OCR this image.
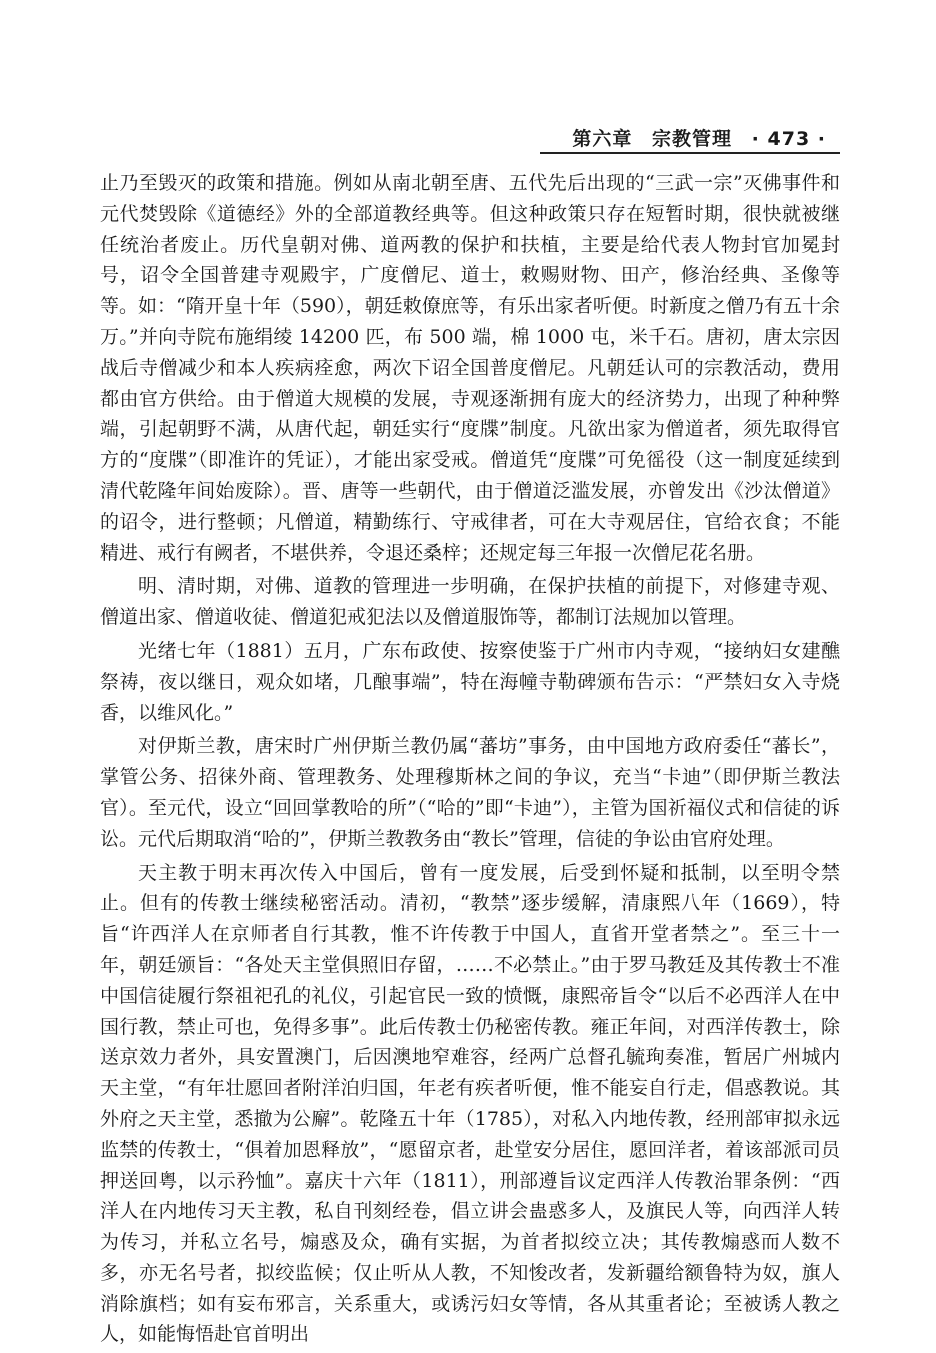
第六章 宗教管理 · 473 ·

止乃至毁灭的政策和措施。例如从南北朝至唐、五代先后出现的“三武一宗”灭佛事件和元代焚毁除《道德经》外的全部道教经典等。但这种政策只存在短暂时期，很快就被继任统治者废止。历代皇朝对佛、道两教的保护和扶植，主要是给代表人物封官加冕封号，诏令全国普建寺观殿宇，广度僧尼、道士，敕赐财物、田产，修治经典、圣像等等。如：“隋开皇十年（590），朝廷敕僚庶等，有乐出家者听便。时新度之僧乃有五十余万。”并向寺院布施绢绫 14200 匹，布 500 端，棉 1000 屯，米千石。唐初，唐太宗因战后寺僧减少和本人疾病痊愈，两次下诏全国普度僧尼。凡朝廷认可的宗教活动，费用都由官方供给。由于僧道大规模的发展，寺观逐渐拥有庞大的经济势力，出现了种种弊端，引起朝野不满，从唐代起，朝廷实行“度牒”制度。凡欲出家为僧道者，须先取得官方的“度牒”（即准许的凭证），才能出家受戒。僧道凭“度牒”可免徭役（这一制度延续到清代乾隆年间始废除）。晋、唐等一些朝代，由于僧道泛滥发展，亦曾发出《沙汰僧道》的诏令，进行整顿；凡僧道，精勤练行、守戒律者，可在大寺观居住，官给衣食；不能精进、戒行有阙者，不堪供养，令退还桑梓；还规定每三年报一次僧尼花名册。

明、清时期，对佛、道教的管理进一步明确，在保护扶植的前提下，对修建寺观、僧道出家、僧道收徒、僧道犯戒犯法以及僧道服饰等，都制订法规加以管理。

光绪七年（1881）五月，广东布政使、按察使鉴于广州市内寺观，“接纳妇女建醮祭祷，夜以继日，观众如堵，几酿事端”，特在海幢寺勒碑颁布告示：“严禁妇女入寺烧香，以维风化。”

对伊斯兰教，唐宋时广州伊斯兰教仍属“蕃坊”事务，由中国地方政府委任“蕃长”，掌管公务、招徕外商、管理教务、处理穆斯林之间的争议，充当“卡迪”（即伊斯兰教法官）。至元代，设立“回回掌教哈的所”（“哈的”即“卡迪”），主管为国祈福仪式和信徒的诉讼。元代后期取消“哈的”，伊斯兰教教务由“教长”管理，信徒的争讼由官府处理。

天主教于明末再次传入中国后，曾有一度发展，后受到怀疑和抵制，以至明令禁止。但有的传教士继续秘密活动。清初，“教禁”逐步缓解，清康熙八年（1669），特旨“许西洋人在京师者自行其教，惟不许传教于中国人，直省开堂者禁之”。至三十一年，朝廷颁旨：“各处天主堂俱照旧存留，……不必禁止。”由于罗马教廷及其传教士不准中国信徒履行祭祖祀孔的礼仪，引起官民一致的愤慨，康熙帝旨令“以后不必西洋人在中国行教，禁止可也，免得多事”。此后传教士仍秘密传教。雍正年间，对西洋传教士，除送京效力者外，具安置澳门，后因澳地窄难容，经两广总督孔毓珣奏准，暂居广州城内天主堂，“有年壮愿回者附洋泊归国，年老有疾者听便，惟不能妄自行走，倡惑教说。其外府之天主堂，悉撤为公廨”。乾隆五十年（1785），对私入内地传教，经刑部审拟永远监禁的传教士，“俱着加恩释放”，“愿留京者，赴堂安分居住，愿回洋者，着该部派司员押送回粤，以示矜恤”。嘉庆十六年（1811），刑部遵旨议定西洋人传教治罪条例：“西洋人在内地传习天主教，私自刊刻经卷，倡立讲会蛊惑多人，及旗民人等，向西洋人转为传习，并私立名号，煽惑及众，确有实据，为首者拟绞立决；其传教煽惑而人数不多，亦无名号者，拟绞监候；仅止听从人教，不知悛改者，发新疆给额鲁特为奴，旗人消除旗档；如有妄布邪言，关系重大，或诱污妇女等情，各从其重者论；至被诱人教之人，如能悔悟赴官首明出
